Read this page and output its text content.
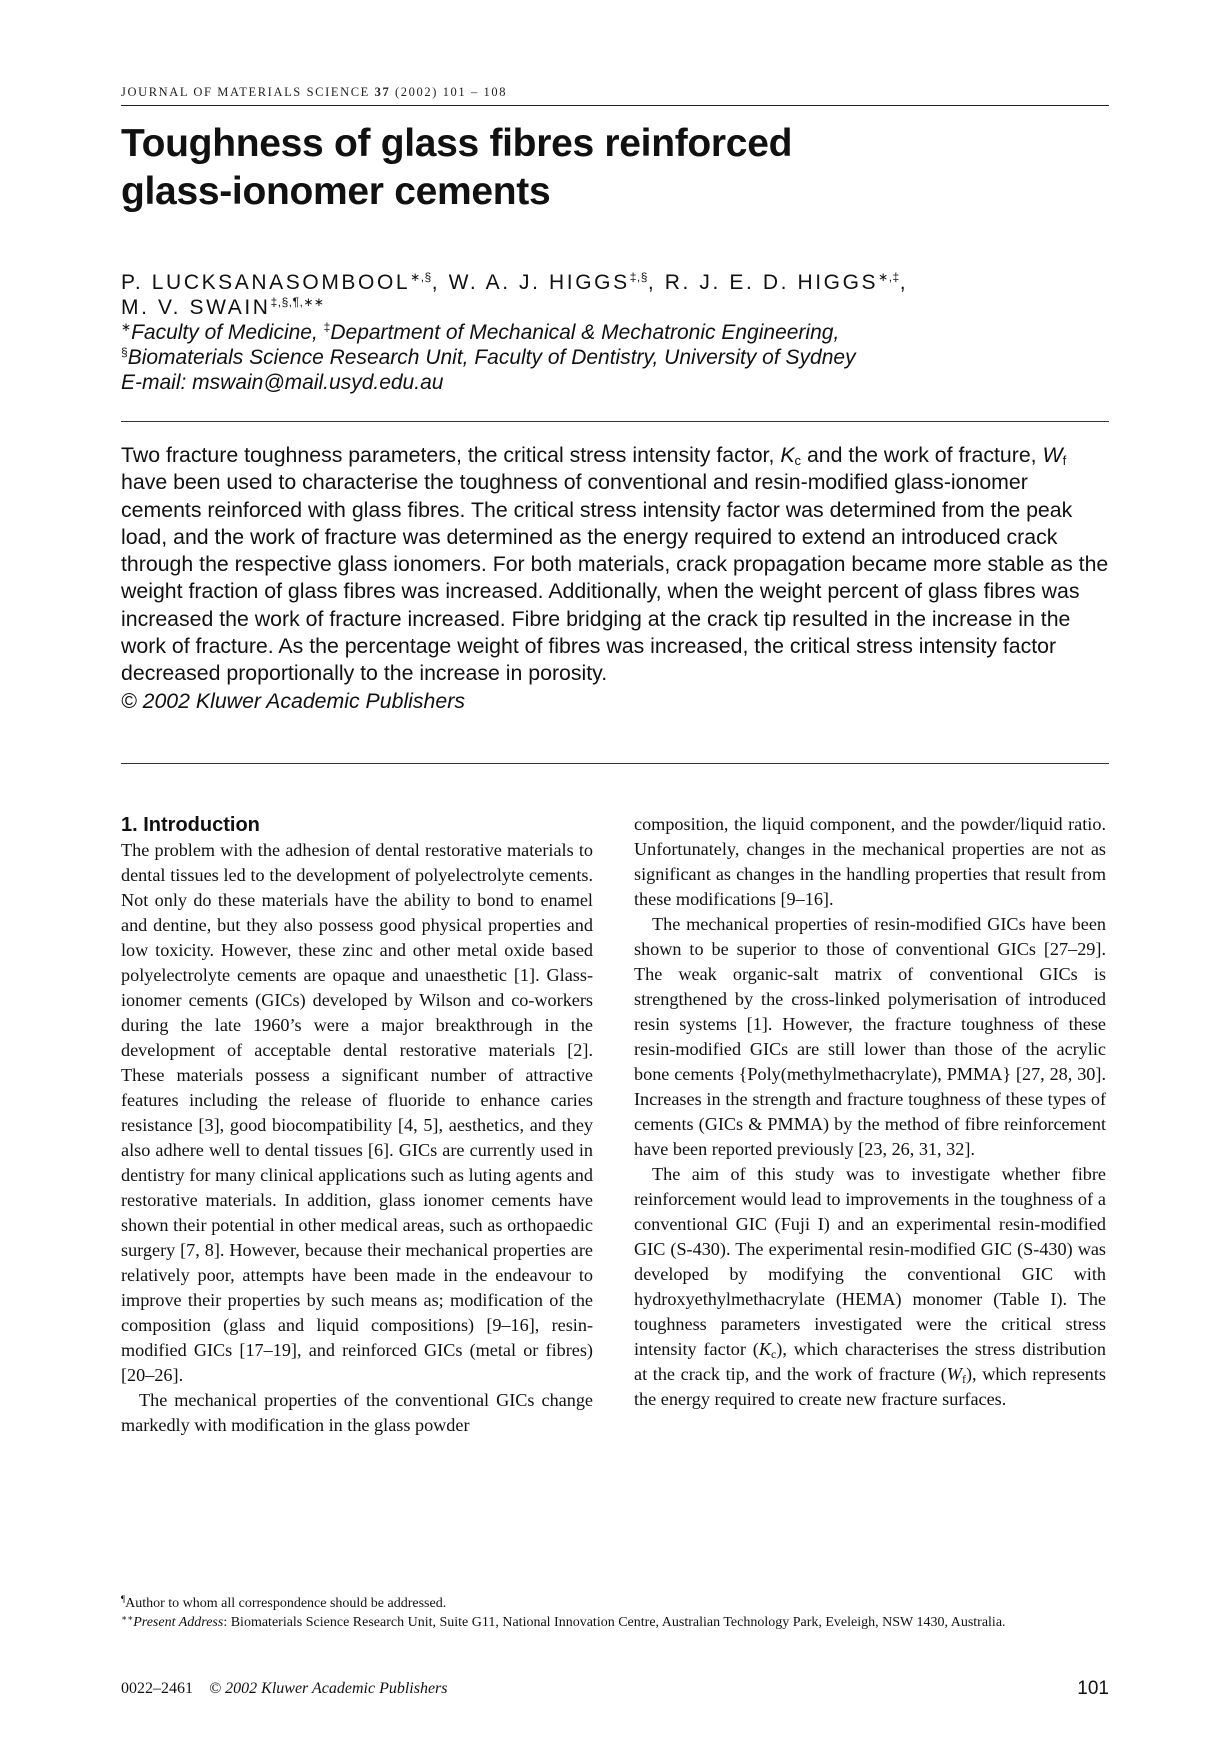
JOURNAL OF MATERIALS SCIENCE 37 (2002) 101 – 108
Toughness of glass fibres reinforced
glass-ionomer cements
P. LUCKSANASOMBOOL∗,§, W. A. J. HIGGS‡,§, R. J. E. D. HIGGS∗,‡,
M. V. SWAIN‡,§,¶,∗∗
∗Faculty of Medicine, ‡Department of Mechanical & Mechatronic Engineering,
§Biomaterials Science Research Unit, Faculty of Dentistry, University of Sydney
E-mail: mswain@mail.usyd.edu.au

Two fracture toughness parameters, the critical stress intensity factor, $K_c$ and the work of fracture, $W_f$ have been used to characterise the toughness of conventional and resin-modified glass-ionomer cements reinforced with glass fibres. The critical stress intensity factor was determined from the peak load, and the work of fracture was determined as the energy required to extend an introduced crack through the respective glass ionomers. For both materials, crack propagation became more stable as the weight fraction of glass fibres was increased. Additionally, when the weight percent of glass fibres was increased the work of fracture increased. Fibre bridging at the crack tip resulted in the increase in the work of fracture. As the percentage weight of fibres was increased, the critical stress intensity factor decreased proportionally to the increase in porosity.
© 2002 Kluwer Academic Publishers

1. Introduction

The problem with the adhesion of dental restorative materials to dental tissues led to the development of polyelectrolyte cements. Not only do these materials have the ability to bond to enamel and dentine, but they also possess good physical properties and low toxicity. However, these zinc and other metal oxide based polyelectrolyte cements are opaque and unaesthetic [1]. Glass-ionomer cements (GICs) developed by Wilson and co-workers during the late 1960’s were a major breakthrough in the development of acceptable dental restorative materials [2]. These materials possess a significant number of attractive features including the release of fluoride to enhance caries resistance [3], good biocompatibility [4, 5], aesthetics, and they also adhere well to dental tissues [6]. GICs are currently used in dentistry for many clinical applications such as luting agents and restorative materials. In addition, glass ionomer cements have shown their potential in other medical areas, such as orthopaedic surgery [7, 8]. However, because their mechanical properties are relatively poor, attempts have been made in the endeavour to improve their properties by such means as; modification of the composition (glass and liquid compositions) [9–16], resin-modified GICs [17–19], and reinforced GICs (metal or fibres) [20–26].

The mechanical properties of the conventional GICs change markedly with modification in the glass powder

composition, the liquid component, and the powder/liquid ratio. Unfortunately, changes in the mechanical properties are not as significant as changes in the handling properties that result from these modifications [9–16].

The mechanical properties of resin-modified GICs have been shown to be superior to those of conventional GICs [27–29]. The weak organic-salt matrix of conventional GICs is strengthened by the cross-linked polymerisation of introduced resin systems [1]. However, the fracture toughness of these resin-modified GICs are still lower than those of the acrylic bone cements {Poly(methylmethacrylate), PMMA} [27, 28, 30]. Increases in the strength and fracture toughness of these types of cements (GICs & PMMA) by the method of fibre reinforcement have been reported previously [23, 26, 31, 32].

The aim of this study was to investigate whether fibre reinforcement would lead to improvements in the toughness of a conventional GIC (Fuji I) and an experimental resin-modified GIC (S-430). The experimental resin-modified GIC (S-430) was developed by modifying the conventional GIC with hydroxyethylmethacrylate (HEMA) monomer (Table I). The toughness parameters investigated were the critical stress intensity factor $(K_c)$, which characterises the stress distribution at the crack tip, and the work of fracture $(W_f)$, which represents the energy required to create new fracture surfaces.

¶Author to whom all correspondence should be addressed.

∗∗Present Address: Biomaterials Science Research Unit, Suite G11, National Innovation Centre, Australian Technology Park, Eveleigh, NSW 1430, Australia.

0022–2461 © 2002 Kluwer Academic Publishers	101
